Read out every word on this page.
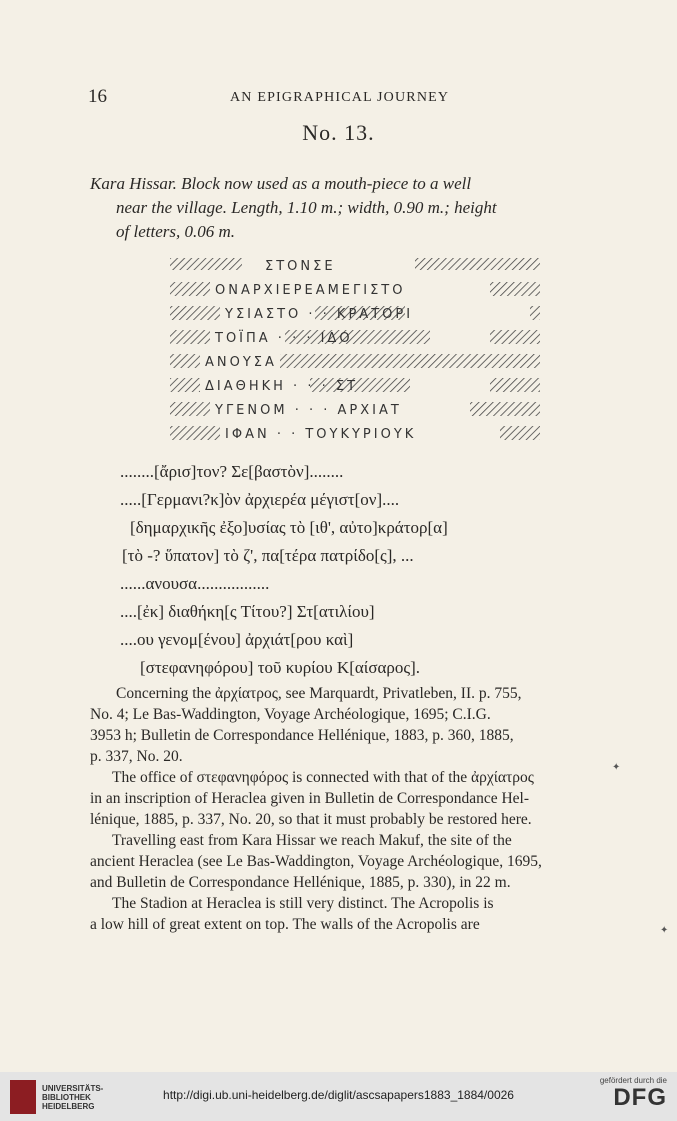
16	AN EPIGRAPHICAL JOURNEY
No. 13.
Kara Hissar. Block now used as a mouth-piece to a well
near the village. Length, 1.10 m.; width, 0.90 m.; height
of letters, 0.06 m.
ΣΤΟΝΣΕ
ΟΝΑΡΧΙΕΡΕΑΜΕΓΙΣΤΟ
ΥΣΙΑΣΤΟ · · ΚΡΑΤΟΡΙ
ΤΟΪΠΑ · · · ΙΔΟ
ΑΝΟΥΣΑ
ΔΙΑΘΗΚΗ · · · ΣΤ
ΥΓΕΝΟΜ · · · ΑΡΧΙΑΤ
ΙΦΑΝ · · ΤΟΥΚΥΡΙΟΥΚ
........[ἄρισ]τον? Σε[βαστὸν]........
.....[Γερμανι?κ]ὸν ἀρχιερέα μέγιστ[ον]....
[δημαρχικῆς ἐξο]υσίας τὸ [ιθ', αὐτο]κράτορ[α]
[τὸ -? ὕπατον] τὸ ζ', πα[τέρα πατρίδο[ς], ...
......ανουσα.................
....[ἐκ] διαθήκη[ς Τίτου?] Στ[ατιλίου]
....ου γενομ[ένου] ἀρχιάτ[ρου καὶ]
[στεφανηφόρου] τοῦ κυρίου Κ[αίσαρος].
Concerning the ἀρχίατρος, see Marquardt, Privatleben, II. p. 755,
No. 4; Le Bas-Waddington, Voyage Archéologique, 1695; C.I.G.
3953 h; Bulletin de Correspondance Hellénique, 1883, p. 360, 1885,
p. 337, No. 20.
The office of στεφανηφόρος is connected with that of the ἀρχίατρος
in an inscription of Heraclea given in Bulletin de Correspondance Hel-
lénique, 1885, p. 337, No. 20, so that it must probably be restored here.
Travelling east from Kara Hissar we reach Makuf, the site of the
ancient Heraclea (see Le Bas-Waddington, Voyage Archéologique, 1695,
and Bulletin de Correspondance Hellénique, 1885, p. 330), in 22 m.
The Stadion at Heraclea is still very distinct. The Acropolis is
a low hill of great extent on top. The walls of the Acropolis are
✦
✦
UNIVERSITÄTS-
BIBLIOTHEK
HEIDELBERG
http://digi.ub.uni-heidelberg.de/diglit/ascsapapers1883_1884/0026
gefördert durch die
DFG
